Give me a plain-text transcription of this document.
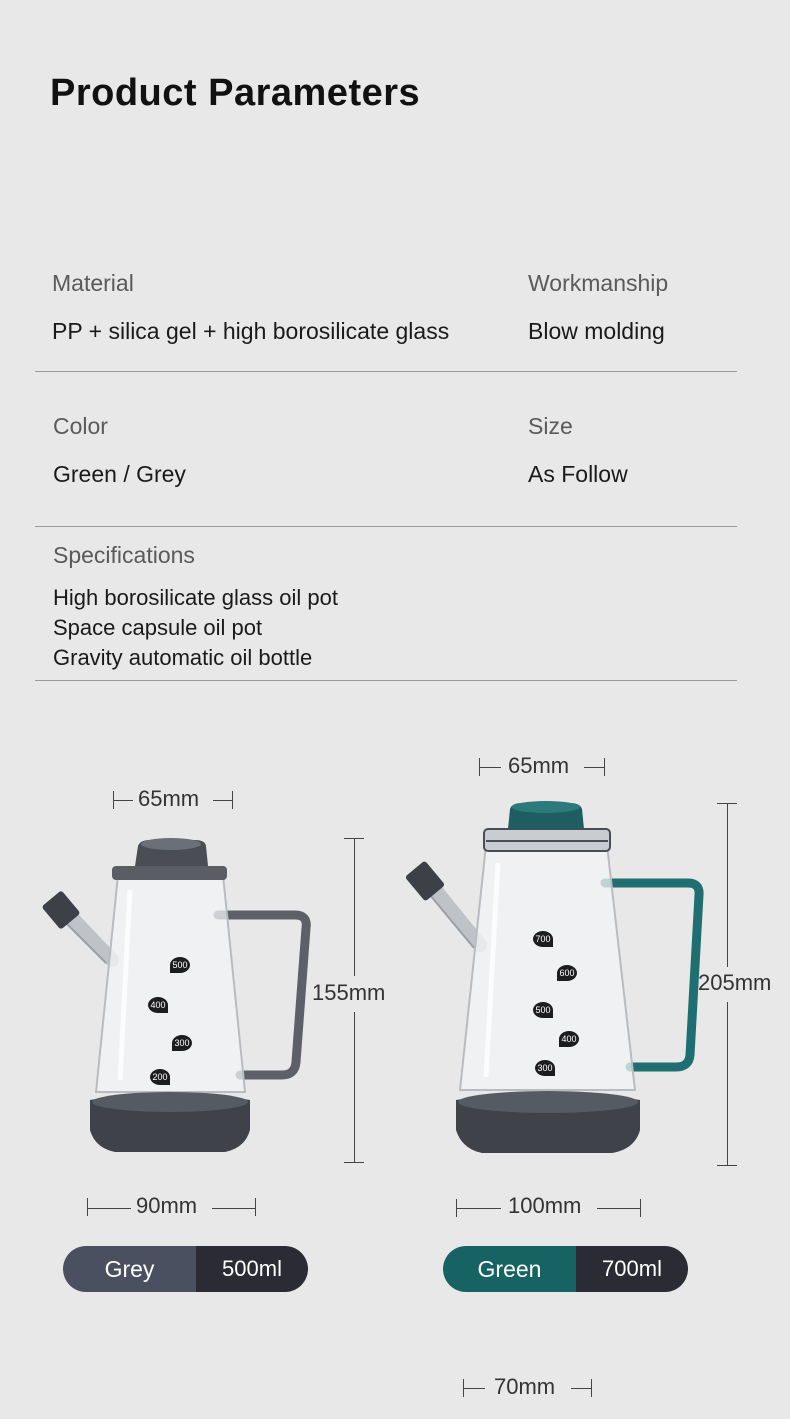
Product Parameters
Material
PP + silica gel + high borosilicate glass
Workmanship
Blow molding
Color
Green / Grey
Size
As Follow
Specifications
High borosilicate glass oil pot
Space capsule oil pot
Gravity automatic oil bottle
65mm
500
400
300
200
155mm
90mm
Grey	500ml
65mm
700
600
500
400
300
205mm
100mm
Green	700ml
70mm
